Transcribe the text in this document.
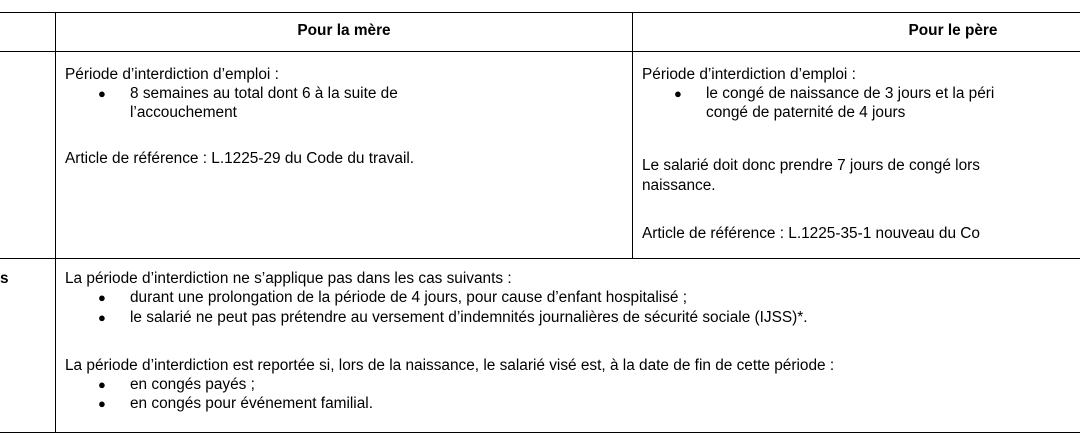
Pour la mère	Pour le père
Période d’interdiction d’emploi :
● 8 semaines au total dont 6 à la suite de
l’accouchement
Article de référence : L.1225-29 du Code du travail.
Période d’interdiction d’emploi :
● le congé de naissance de 3 jours et la péri
congé de paternité de 4 jours
Le salarié doit donc prendre 7 jours de congé lors
naissance.
Article de référence : L.1225-35-1 nouveau du Co
s	La période d’interdiction ne s’applique pas dans les cas suivants :
● durant une prolongation de la période de 4 jours, pour cause d’enfant hospitalisé ;
● le salarié ne peut pas prétendre au versement d’indemnités journalières de sécurité sociale (IJSS)*.
La période d’interdiction est reportée si, lors de la naissance, le salarié visé est, à la date de fin de cette période :
● en congés payés ;
● en congés pour événement familial.
